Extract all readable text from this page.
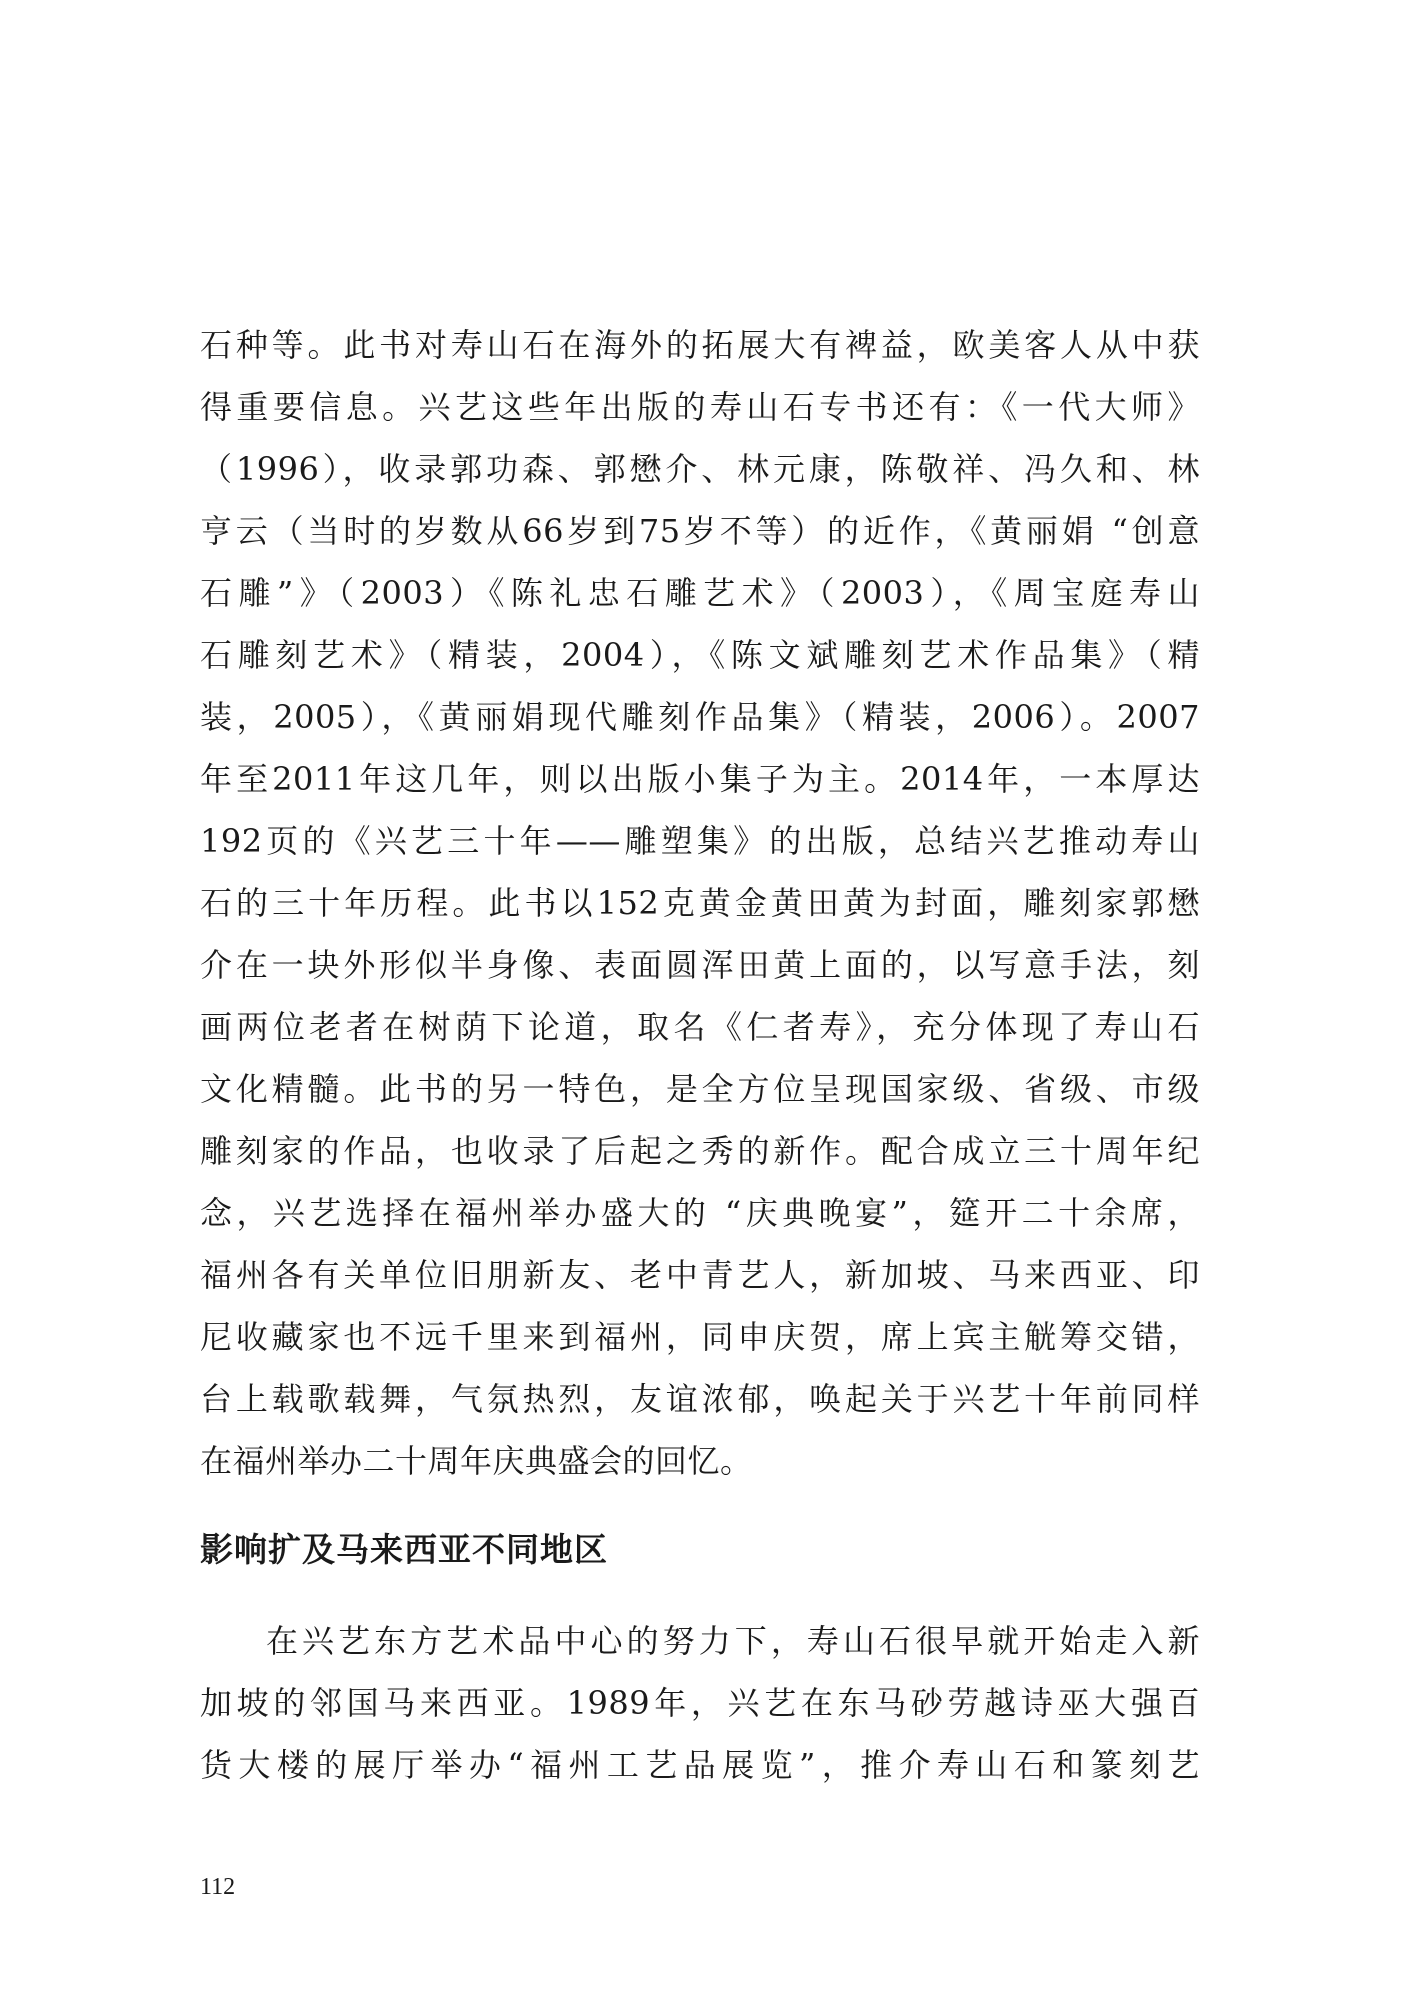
石种等。此书对寿山石在海外的拓展大有裨益，欧美客人从中获
得重要信息。兴艺这些年出版的寿山石专书还有：《一代大师》
（1996），收录郭功森、郭懋介、林元康，陈敬祥、冯久和、林
亨云（当时的岁数从66岁到75岁不等）的近作，《黄丽娟 “创意
石雕”》（2003）《陈礼忠石雕艺术》（2003），《周宝庭寿山
石雕刻艺术》（精装，2004），《陈文斌雕刻艺术作品集》（精
装，2005），《黄丽娟现代雕刻作品集》（精装，2006）。2007
年至2011年这几年，则以出版小集子为主。2014年，一本厚达
192页的《兴艺三十年——雕塑集》的出版，总结兴艺推动寿山
石的三十年历程。此书以152克黄金黄田黄为封面，雕刻家郭懋
介在一块外形似半身像、表面圆浑田黄上面的，以写意手法，刻
画两位老者在树荫下论道，取名《仁者寿》，充分体现了寿山石
文化精髓。此书的另一特色，是全方位呈现国家级、省级、市级
雕刻家的作品，也收录了后起之秀的新作。配合成立三十周年纪
念，兴艺选择在福州举办盛大的 “庆典晚宴”，筵开二十余席，
福州各有关单位旧朋新友、老中青艺人，新加坡、马来西亚、印
尼收藏家也不远千里来到福州，同申庆贺，席上宾主觥筹交错，
台上载歌载舞，气氛热烈，友谊浓郁，唤起关于兴艺十年前同样
在福州举办二十周年庆典盛会的回忆。
影响扩及马来西亚不同地区
在兴艺东方艺术品中心的努力下，寿山石很早就开始走入新
加坡的邻国马来西亚。1989年，兴艺在东马砂劳越诗巫大强百
货大楼的展厅举办“福州工艺品展览”，推介寿山石和篆刻艺
112
